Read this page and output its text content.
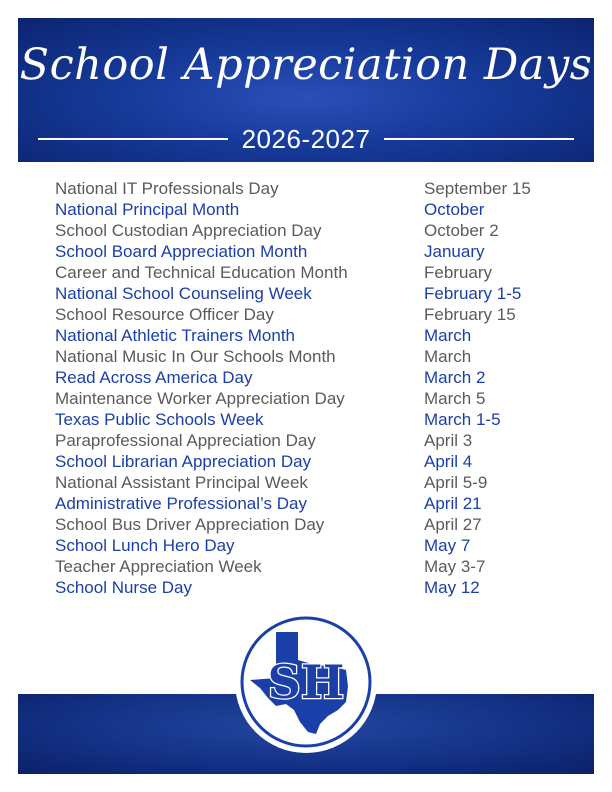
School Appreciation Days
2026-2027
National IT Professionals Day	September 15
National Principal Month	October
School Custodian Appreciation Day	October 2
School Board Appreciation Month	January
Career and Technical Education Month	February
National School Counseling Week	February 1-5
School Resource Officer Day	February 15
National Athletic Trainers Month	March
National Music In Our Schools Month	March
Read Across America Day	March 2
Maintenance Worker Appreciation Day	March 5
Texas Public Schools Week	March 1-5
Paraprofessional Appreciation Day	April 3
School Librarian Appreciation Day	April 4
National Assistant Principal Week	April 5-9
Administrative Professional’s Day	April 21
School Bus Driver Appreciation Day	April 27
School Lunch Hero Day	May 7
Teacher Appreciation Week	May 3-7
School Nurse Day	May 12
SH
